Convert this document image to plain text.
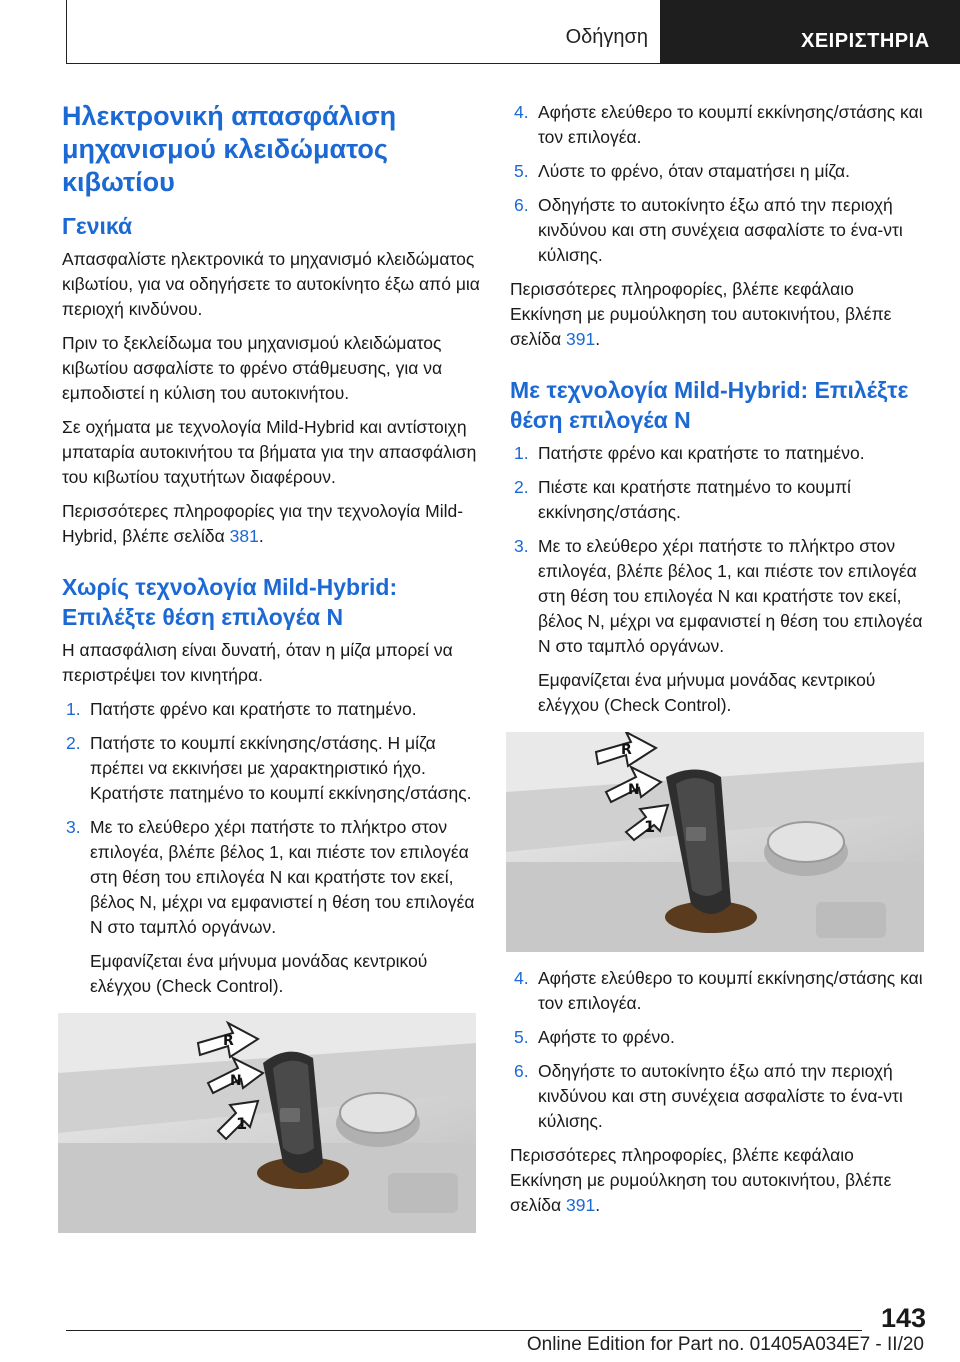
Οδήγηση	ΧΕΙΡΙΣΤΗΡΙΑ
Ηλεκτρονική απασφάλιση μηχανισμού κλειδώματος κιβωτίου
Γενικά

Απασφαλίστε ηλεκτρονικά το μηχανισμό κλειδώματος κιβωτίου, για να οδηγήσετε το αυτοκίνητο έξω από μια περιοχή κινδύνου.

Πριν το ξεκλείδωμα του μηχανισμού κλειδώματος κιβωτίου ασφαλίστε το φρένο στάθμευσης, για να εμποδιστεί η κύλιση του αυτοκινήτου.

Σε οχήματα με τεχνολογία Mild-Hybrid και αντίστοιχη μπαταρία αυτοκινήτου τα βήματα για την απασφάλιση του κιβωτίου ταχυτήτων διαφέρουν.

Περισσότερες πληροφορίες για την τεχνολογία Mild-Hybrid, βλέπε σελίδα 381.

Χωρίς τεχνολογία Mild-Hybrid: Επιλέξτε θέση επιλογέα N

Η απασφάλιση είναι δυνατή, όταν η μίζα μπορεί να περιστρέψει τον κινητήρα.

1. Πατήστε φρένο και κρατήστε το πατημένο.
2. Πατήστε το κουμπί εκκίνησης/στάσης. Η μίζα πρέπει να εκκινήσει με χαρακτηριστικό ήχο. Κρατήστε πατημένο το κουμπί εκκίνησης/στάσης.
3. Με το ελεύθερο χέρι πατήστε το πλήκτρο στον επιλογέα, βλέπε βέλος 1, και πιέστε τον επιλογέα στη θέση του επιλογέα N και κρατήστε τον εκεί, βέλος N, μέχρι να εμφανιστεί η θέση του επιλογέα N στο ταμπλό οργάνων.

Εμφανίζεται ένα μήνυμα μονάδας κεντρικού ελέγχου (Check Control).

R
N
1
4. Αφήστε ελεύθερο το κουμπί εκκίνησης/στάσης και τον επιλογέα.
5. Λύστε το φρένο, όταν σταματήσει η μίζα.
6. Οδηγήστε το αυτοκίνητο έξω από την περιοχή κινδύνου και στη συνέχεια ασφαλίστε το ένα-ντι κύλισης.

Περισσότερες πληροφορίες, βλέπε κεφάλαιο Εκκίνηση με ρυμούλκηση του αυτοκινήτου, βλέπε σελίδα 391.

Με τεχνολογία Mild-Hybrid: Επιλέξτε θέση επιλογέα N
1. Πατήστε φρένο και κρατήστε το πατημένο.
2. Πιέστε και κρατήστε πατημένο το κουμπί εκκίνησης/στάσης.
3. Με το ελεύθερο χέρι πατήστε το πλήκτρο στον επιλογέα, βλέπε βέλος 1, και πιέστε τον επιλογέα στη θέση του επιλογέα N και κρατήστε τον εκεί, βέλος N, μέχρι να εμφανιστεί η θέση του επιλογέα N στο ταμπλό οργάνων.

Εμφανίζεται ένα μήνυμα μονάδας κεντρικού ελέγχου (Check Control).

R
N
1
4. Αφήστε ελεύθερο το κουμπί εκκίνησης/στάσης και τον επιλογέα.
5. Αφήστε το φρένο.
6. Οδηγήστε το αυτοκίνητο έξω από την περιοχή κινδύνου και στη συνέχεια ασφαλίστε το ένα-ντι κύλισης.

Περισσότερες πληροφορίες, βλέπε κεφάλαιο Εκκίνηση με ρυμούλκηση του αυτοκινήτου, βλέπε σελίδα 391.

143
Online Edition for Part no. 01405A034E7 - II/20
